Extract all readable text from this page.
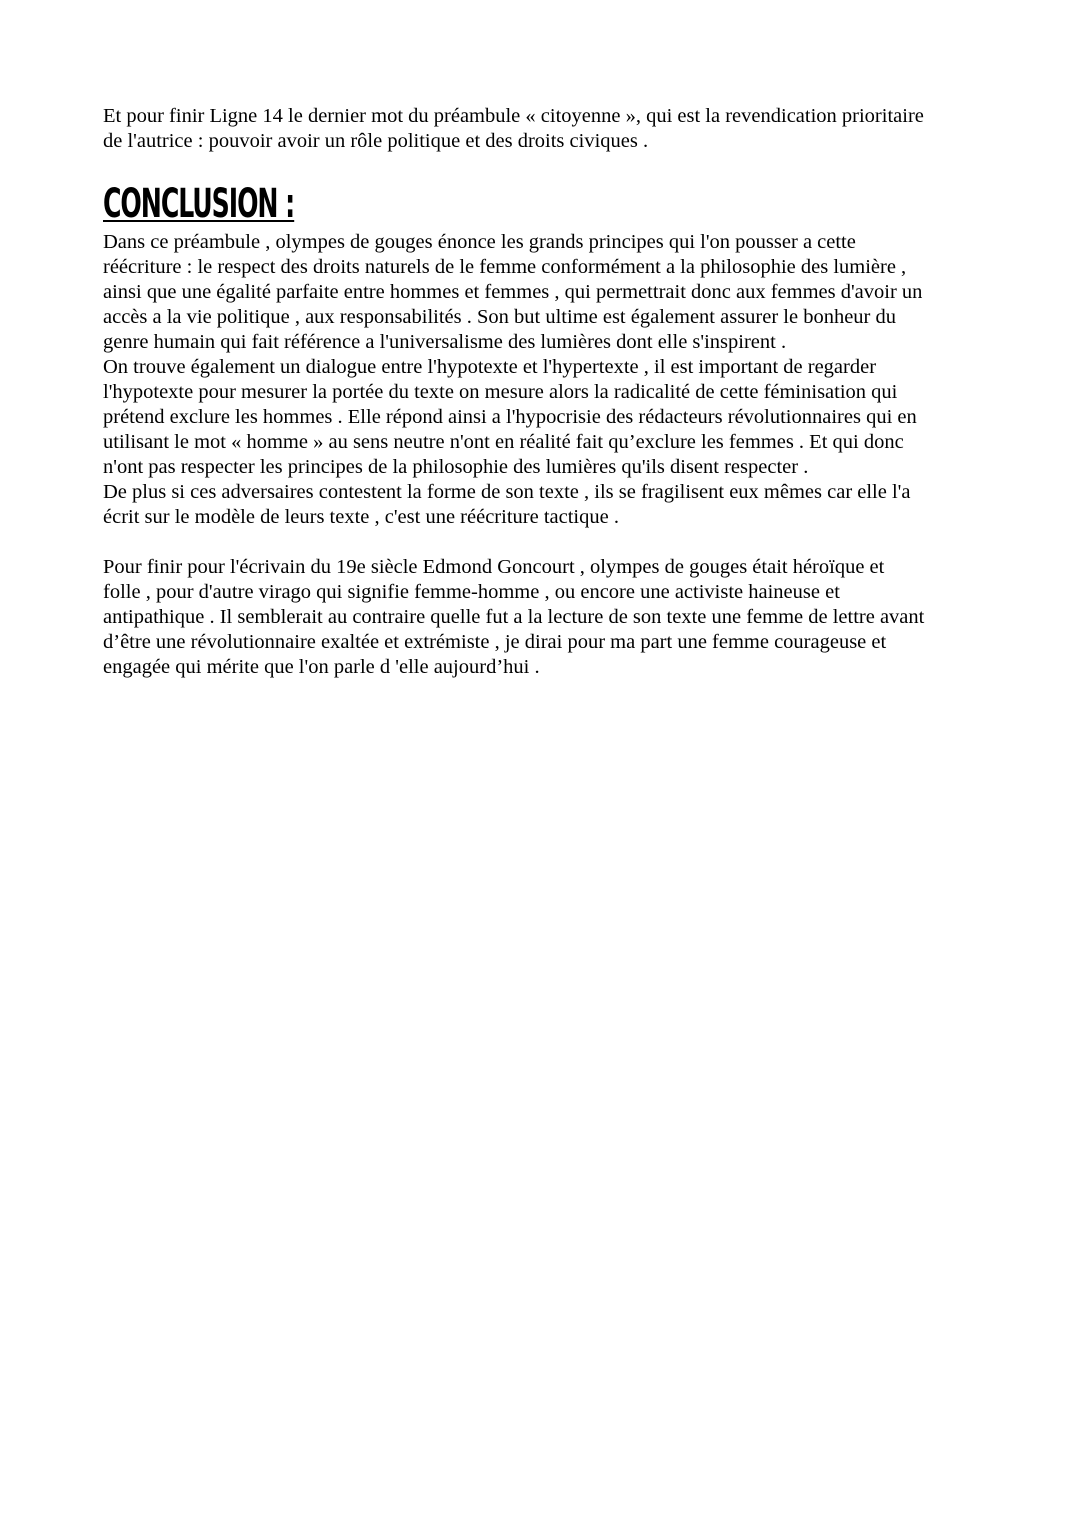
Et pour finir Ligne 14 le dernier mot du préambule « citoyenne », qui est la revendication prioritaire
de l'autrice : pouvoir avoir un rôle politique et des droits civiques .
CONCLUSION :
Dans ce préambule , olympes de gouges énonce les grands principes qui l'on pousser a cette
réécriture : le respect des droits naturels de le femme conformément a la philosophie des lumière ,
ainsi que une égalité parfaite entre hommes et femmes , qui permettrait donc aux femmes d'avoir un
accès a la vie politique , aux responsabilités . Son but ultime est également assurer le bonheur du
genre humain qui fait référence a l'universalisme des lumières dont elle s'inspirent .
On trouve également un dialogue entre l'hypotexte et l'hypertexte , il est important de regarder
l'hypotexte pour mesurer la portée du texte on mesure alors la radicalité de cette féminisation qui
prétend exclure les hommes . Elle répond ainsi a l'hypocrisie des rédacteurs révolutionnaires qui en
utilisant le mot « homme » au sens neutre n'ont en réalité fait qu’exclure les femmes . Et qui donc
n'ont pas respecter les principes de la philosophie des lumières qu'ils disent respecter .
De plus si ces adversaires contestent la forme de son texte , ils se fragilisent eux mêmes car elle l'a
écrit sur le modèle de leurs texte , c'est une réécriture tactique .
Pour finir pour l'écrivain du 19e siècle Edmond Goncourt , olympes de gouges était héroïque et
folle , pour d'autre virago qui signifie femme-homme , ou encore une activiste haineuse et
antipathique . Il semblerait au contraire quelle fut a la lecture de son texte une femme de lettre avant
d’être une révolutionnaire exaltée et extrémiste , je dirai pour ma part une femme courageuse et
engagée qui mérite que l'on parle d 'elle aujourd’hui .
